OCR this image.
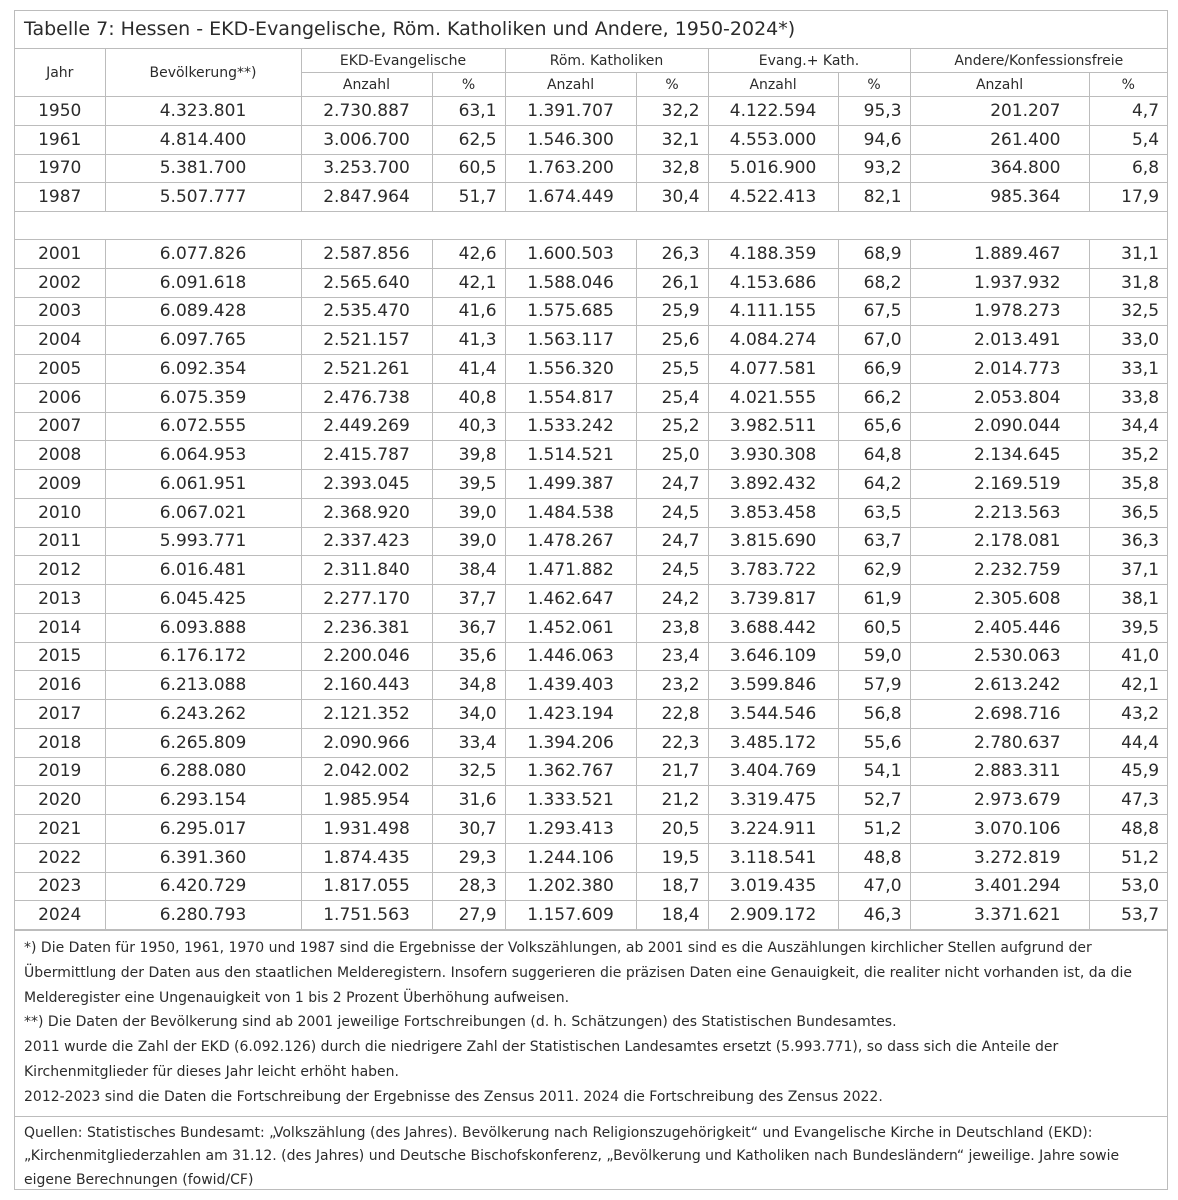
Tabelle 7: Hessen - EKD-Evangelische, Röm. Katholiken und Andere, 1950-2024*)
Jahr	Bevölkerung**)	EKD-Evangelische		Röm. Katholiken		Evang.+ Kath.		Andere/Konfessionsfreie	
		Anzahl	%	Anzahl	%	Anzahl	%	Anzahl	%
1950	4.323.801	2.730.887	63,1	1.391.707	32,2	4.122.594	95,3	201.207	4,7
1961	4.814.400	3.006.700	62,5	1.546.300	32,1	4.553.000	94,6	261.400	5,4
1970	5.381.700	3.253.700	60,5	1.763.200	32,8	5.016.900	93,2	364.800	6,8
1987	5.507.777	2.847.964	51,7	1.674.449	30,4	4.522.413	82,1	985.364	17,9

2001	6.077.826	2.587.856	42,6	1.600.503	26,3	4.188.359	68,9	1.889.467	31,1
2002	6.091.618	2.565.640	42,1	1.588.046	26,1	4.153.686	68,2	1.937.932	31,8
2003	6.089.428	2.535.470	41,6	1.575.685	25,9	4.111.155	67,5	1.978.273	32,5
2004	6.097.765	2.521.157	41,3	1.563.117	25,6	4.084.274	67,0	2.013.491	33,0
2005	6.092.354	2.521.261	41,4	1.556.320	25,5	4.077.581	66,9	2.014.773	33,1
2006	6.075.359	2.476.738	40,8	1.554.817	25,4	4.021.555	66,2	2.053.804	33,8
2007	6.072.555	2.449.269	40,3	1.533.242	25,2	3.982.511	65,6	2.090.044	34,4
2008	6.064.953	2.415.787	39,8	1.514.521	25,0	3.930.308	64,8	2.134.645	35,2
2009	6.061.951	2.393.045	39,5	1.499.387	24,7	3.892.432	64,2	2.169.519	35,8
2010	6.067.021	2.368.920	39,0	1.484.538	24,5	3.853.458	63,5	2.213.563	36,5
2011	5.993.771	2.337.423	39,0	1.478.267	24,7	3.815.690	63,7	2.178.081	36,3
2012	6.016.481	2.311.840	38,4	1.471.882	24,5	3.783.722	62,9	2.232.759	37,1
2013	6.045.425	2.277.170	37,7	1.462.647	24,2	3.739.817	61,9	2.305.608	38,1
2014	6.093.888	2.236.381	36,7	1.452.061	23,8	3.688.442	60,5	2.405.446	39,5
2015	6.176.172	2.200.046	35,6	1.446.063	23,4	3.646.109	59,0	2.530.063	41,0
2016	6.213.088	2.160.443	34,8	1.439.403	23,2	3.599.846	57,9	2.613.242	42,1
2017	6.243.262	2.121.352	34,0	1.423.194	22,8	3.544.546	56,8	2.698.716	43,2
2018	6.265.809	2.090.966	33,4	1.394.206	22,3	3.485.172	55,6	2.780.637	44,4
2019	6.288.080	2.042.002	32,5	1.362.767	21,7	3.404.769	54,1	2.883.311	45,9
2020	6.293.154	1.985.954	31,6	1.333.521	21,2	3.319.475	52,7	2.973.679	47,3
2021	6.295.017	1.931.498	30,7	1.293.413	20,5	3.224.911	51,2	3.070.106	48,8
2022	6.391.360	1.874.435	29,3	1.244.106	19,5	3.118.541	48,8	3.272.819	51,2
2023	6.420.729	1.817.055	28,3	1.202.380	18,7	3.019.435	47,0	3.401.294	53,0
2024	6.280.793	1.751.563	27,9	1.157.609	18,4	2.909.172	46,3	3.371.621	53,7
*) Die Daten für 1950, 1961, 1970 und 1987 sind die Ergebnisse der Volkszählungen, ab 2001 sind es die Auszählungen kirchlicher Stellen aufgrund der Übermittlung der Daten aus den staatlichen Melderegistern. Insofern suggerieren die präzisen Daten eine Genauigkeit, die realiter nicht vorhanden ist, da die Melderegister eine Ungenauigkeit von 1 bis 2 Prozent Überhöhung aufweisen.
**) Die Daten der Bevölkerung sind ab 2001 jeweilige Fortschreibungen (d. h. Schätzungen) des Statistischen Bundesamtes.
2011 wurde die Zahl der EKD (6.092.126) durch die niedrigere Zahl der Statistischen Landesamtes ersetzt (5.993.771), so dass sich die Anteile der Kirchenmitglieder für dieses Jahr leicht erhöht haben.
2012-2023 sind die Daten die Fortschreibung der Ergebnisse des Zensus 2011. 2024 die Fortschreibung des Zensus 2022.
Quellen: Statistisches Bundesamt: „Volkszählung (des Jahres). Bevölkerung nach Religionszugehörigkeit“ und Evangelische Kirche in Deutschland (EKD): „Kirchenmitgliederzahlen am 31.12. (des Jahres) und Deutsche Bischofskonferenz, „Bevölkerung und Katholiken nach Bundesländern“ jeweilige. Jahre sowie eigene Berechnungen (fowid/CF)
